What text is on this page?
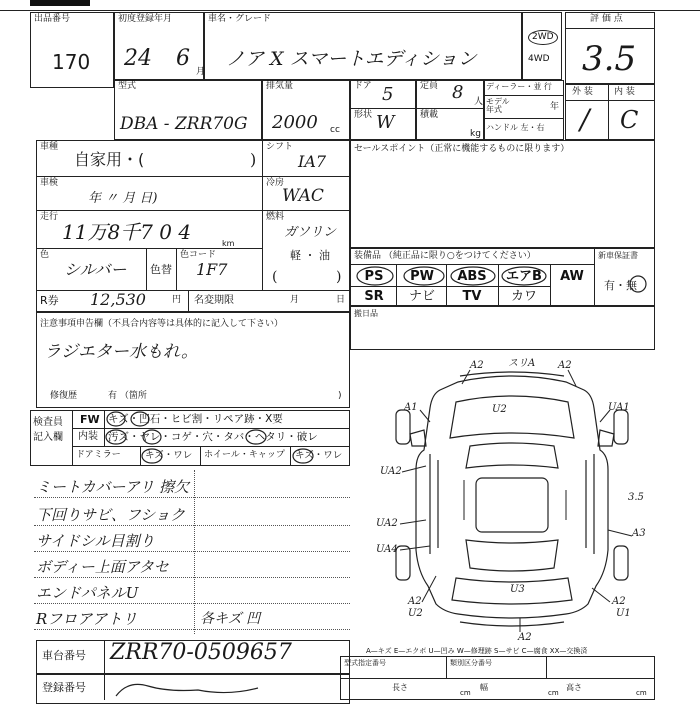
出品番号
170
初度登録年月
24 6
月
車名・グレード
ノア X スマートエディション
2WD
4WD
評 価 点
3.5
型式
DBA - ZRR70G
排気量
2000 cc
ドア 5
形状 W
定員 8 人
積載
kg
ディーラー・並 行
モデル年式	年
ハンドル 左・右
外 装 内 装
/ C
車種
自家用・(	)
車検
年 〃 月 日)
走行
11万8千7 0 4	km
色
シルバー 色替
色コード
1F7
R券 12,530	円 名変期限	月	日
シフト
IA7
冷房
WAC
燃料
ガソリン
軽 ・ 油
(	)
注意事項申告欄（不具合内容等は具体的に記入して下さい）
ラジエター水もれ。
修復歴	有 （箇所	)
セールスポイント（正常に機能するものに限ります）
装備品 （純正品に限り○をつけてください）	新車保証書
有・無
PS	PW	ABS	エアB	AW
SR	ナビ	TV	カワ
搬日品
検査員
記入欄
FW キズ・凹石・ヒビ割・リペア跡・X要
内装 汚ズ・ヤレ・コゲ・穴・タバ・ヘタリ・破レ
ドアミラー	キズ・ワレ ホイール・キャップ キズ・ワレ
ミートカバーアリ 擦欠
下回りサビ、フショク
サイドシル目割り
ボディー上面アタセ
エンドパネルU
Rフロアアトリ	各キズ 凹
A2 スリA A2
A1	U2	UA1
UA2
UA2
UA4
3.5
A3
U3
A2
U2
A2
U1
A2
A—キズ E—エクボ U—凹み W—修理跡 S—サビ C—腐食 XX—交換済
車台番号 ZRR70-0509657
登録番号
型式指定番号	類別区分番号
長さ
cm
幅
cm
高さ
cm
